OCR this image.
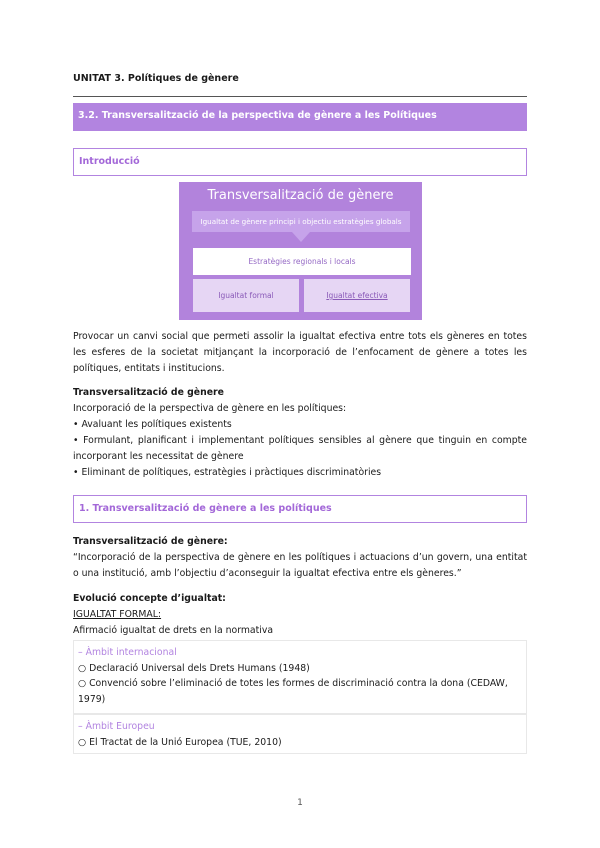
UNITAT 3. Polítiques de gènere
3.2. Transversalització de la perspectiva de gènere a les Polítiques
Introducció
Transversalització de gènere
Igualtat de gènere principi i objectiu estratègies globals
Estratègies regionals i locals
Igualtat formal	Igualtat efectiva
Provocar un canvi social que permeti assolir la igualtat efectiva entre tots els gèneres en totes les esferes de la societat mitjançant la incorporació de l’enfocament de gènere a totes les polítiques, entitats i institucions.
Transversalització de gènere
Incorporació de la perspectiva de gènere en les polítiques:
• Avaluant les polítiques existents
• Formulant, planificant i implementant polítiques sensibles al gènere que tinguin en compte incorporant les necessitat de gènere
• Eliminant de polítiques, estratègies i pràctiques discriminatòries
1. Transversalització de gènere a les polítiques
Transversalització de gènere:
“Incorporació de la perspectiva de gènere en les polítiques i actuacions d’un govern, una entitat o una institució, amb l’objectiu d’aconseguir la igualtat efectiva entre els gèneres.”
Evolució concepte d’igualtat:
IGUALTAT FORMAL:
Afirmació igualtat de drets en la normativa
– Àmbit internacional
○ Declaració Universal dels Drets Humans (1948)
○ Convenció sobre l’eliminació de totes les formes de discriminació contra la dona (CEDAW, 1979)
– Àmbit Europeu
○ El Tractat de la Unió Europea (TUE, 2010)
1
